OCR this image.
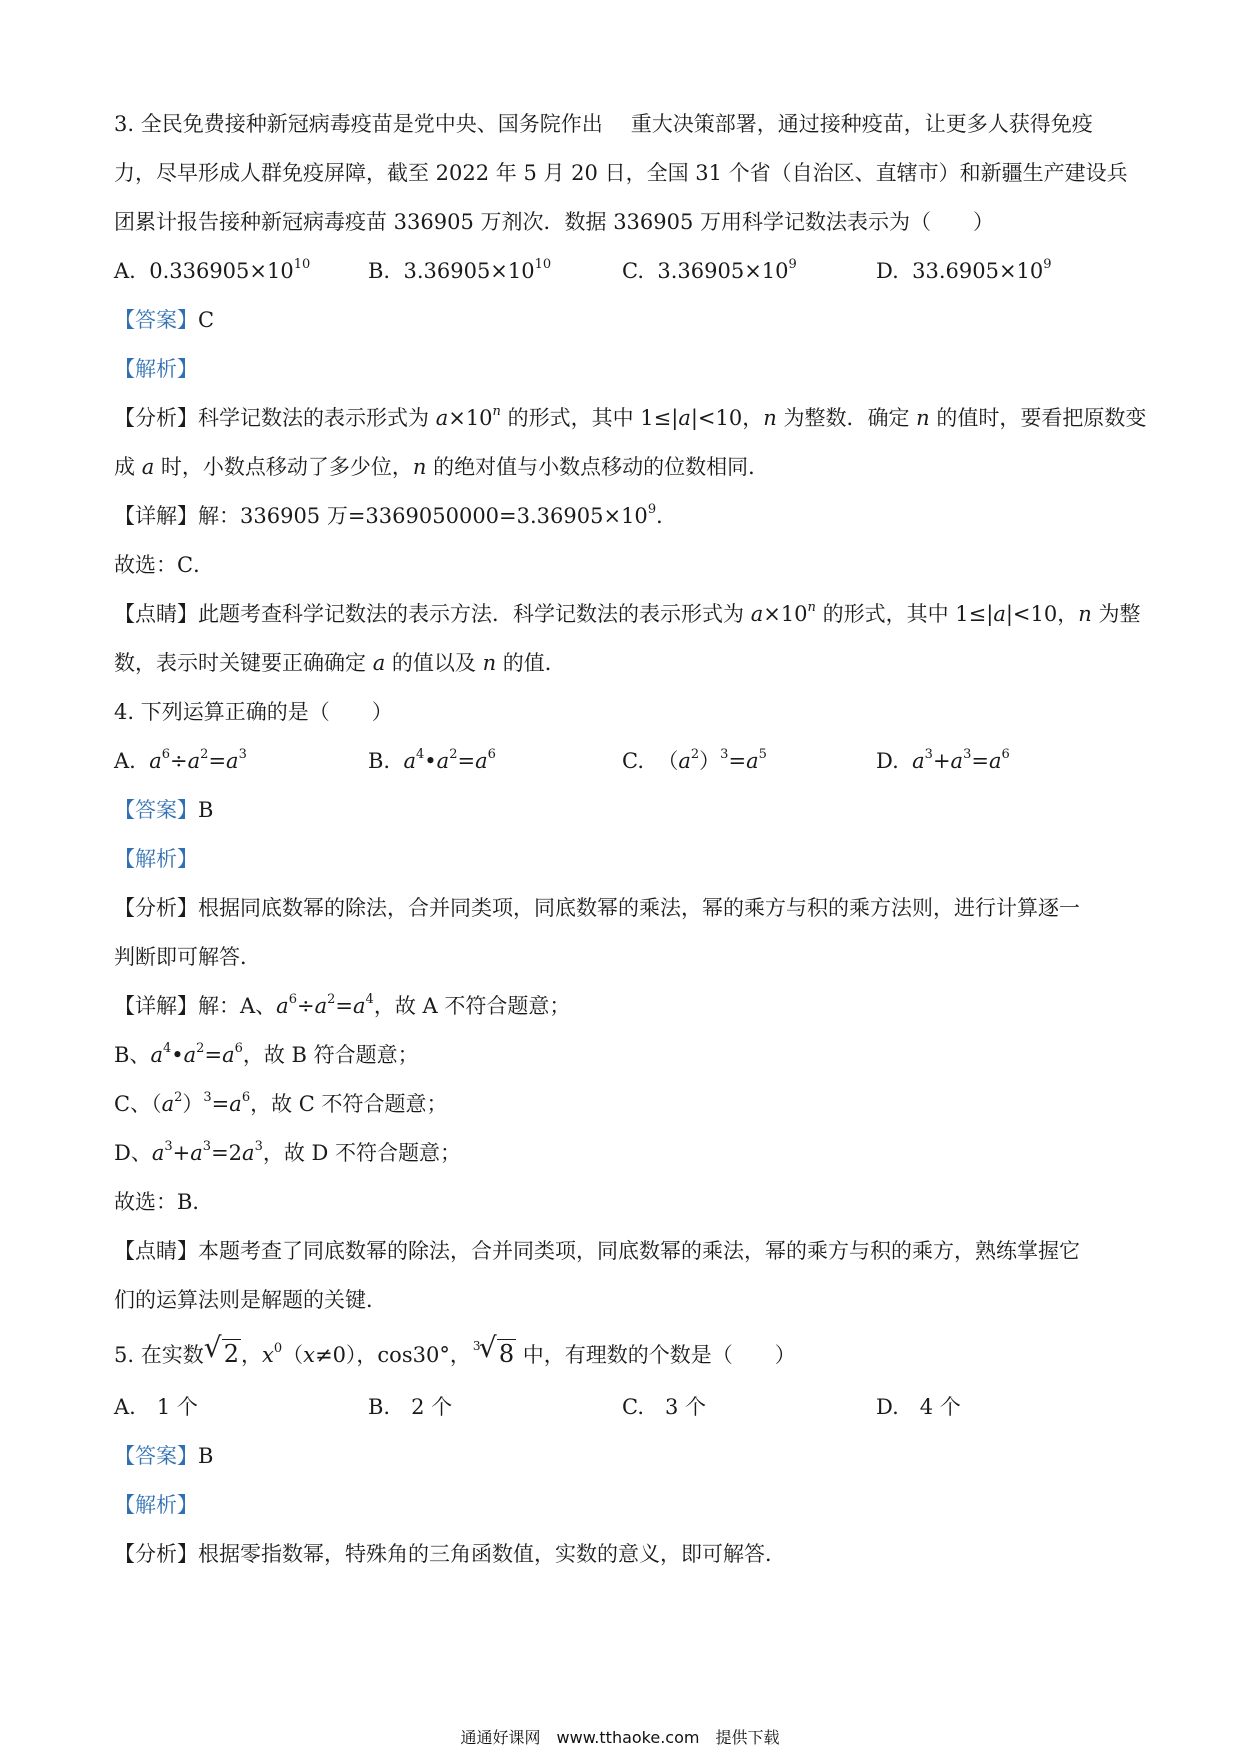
3. 全民免费接种新冠病毒疫苗是党中央、国务院作出 重大决策部署，通过接种疫苗，让更多人获得免疫
力，尽早形成人群免疫屏障，截至 2022 年 5 月 20 日，全国 31 个省（自治区、直辖市）和新疆生产建设兵
团累计报告接种新冠病毒疫苗 336905 万剂次．数据 336905 万用科学记数法表示为（　　）
A. $0.336905\times 10^{10}$	B. $3.36905\times 10^{10}$	C. $3.36905\times 10^9$	D. $33.6905\times 10^9$
【答案】C
【解析】
【分析】科学记数法的表示形式为 $a\times 10^n$ 的形式，其中 1≤|a|<10，n 为整数．确定 n 的值时，要看把原数变
成 a 时，小数点移动了多少位，n 的绝对值与小数点移动的位数相同．
【详解】解：336905 万$=3369050000=3.36905\times 10^9$．
故选：C．
【点睛】此题考查科学记数法的表示方法．科学记数法的表示形式为 $a\times 10^n$ 的形式，其中 1≤|a|<10，n 为整
数，表示时关键要正确确定 a 的值以及 n 的值．
4. 下列运算正确的是（　　）
A. $a^6\div a^2=a^3$	B. $a^4•a^2=a^6$	C.  $(a^2)^3=a^5$	D. $a^3+a^3=a^6$
【答案】B
【解析】
【分析】根据同底数幂的除法，合并同类项，同底数幂的乘法，幂的乘方与积的乘方法则，进行计算逐一
判断即可解答．
【详解】解：A、$a^6\div a^2=a^4$，故 A 不符合题意；
B、$a^4•a^2=a^6$，故 B 符合题意；
C、$(a^2)^3=a^6$，故 C 不符合题意；
D、$a^3+a^3=2a^3$，故 D 不符合题意；
故选：B．
【点睛】本题考查了同底数幂的除法，合并同类项，同底数幂的乘法，幂的乘方与积的乘方，熟练掌握它
们的运算法则是解题的关键．
5. 在实数 √ 2，$x^0(x\ne 0)$，cos30°， 3
√ 8 中，有理数的个数是（　　）
A.　1 个	B.　2 个	C.　3 个	D.　4 个
【答案】B
【解析】
【分析】根据零指数幂，特殊角的三角函数值，实数的意义，即可解答．
通通好课网　www.tthaoke.com　提供下载
